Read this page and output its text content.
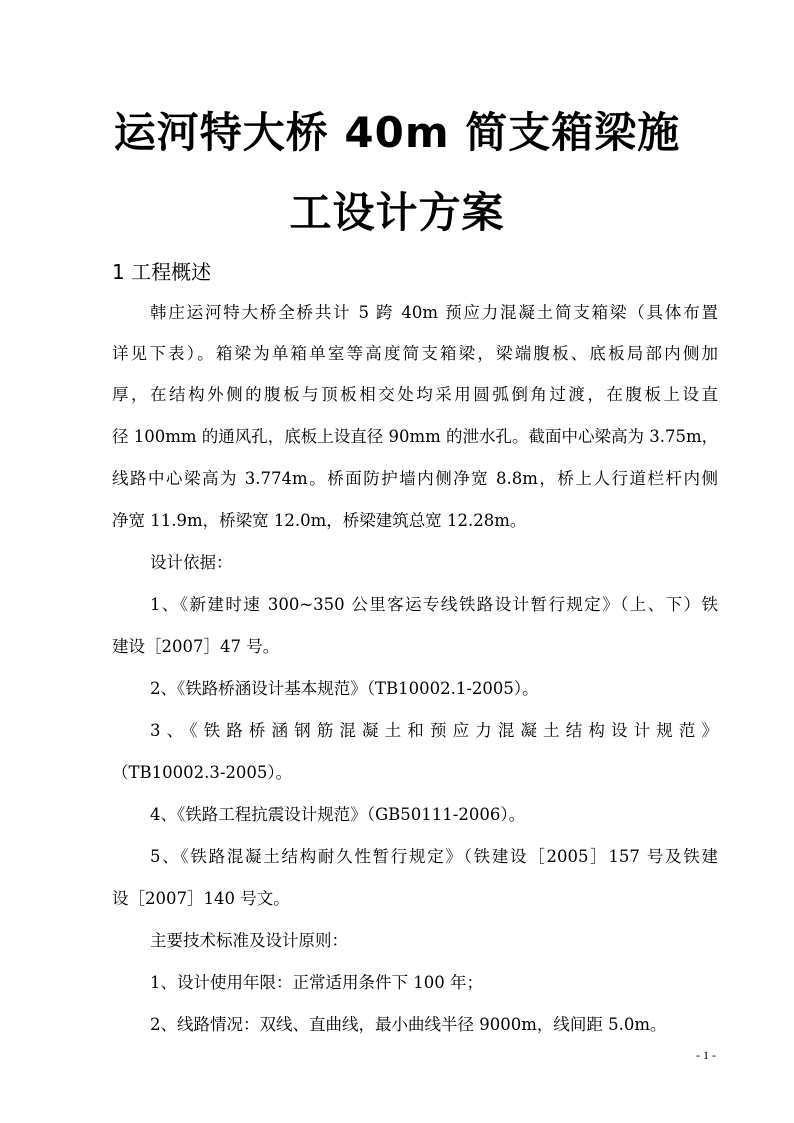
运河特大桥 40m 简支箱梁施
工设计方案
1 工程概述
韩庄运河特大桥全桥共计 5 跨 40m 预应力混凝土简支箱梁（具体布置
详见下表）。箱梁为单箱单室等高度简支箱梁，梁端腹板、底板局部内侧加
厚，在结构外侧的腹板与顶板相交处均采用圆弧倒角过渡，在腹板上设直
径 100mm 的通风孔，底板上设直径 90mm 的泄水孔。截面中心梁高为 3.75m，
线路中心梁高为 3.774m。桥面防护墙内侧净宽 8.8m，桥上人行道栏杆内侧
净宽 11.9m，桥梁宽 12.0m，桥梁建筑总宽 12.28m。
设计依据：
1、《新建时速 300~350 公里客运专线铁路设计暂行规定》（上、下）铁
建设［2007］47 号。
2、《铁路桥涵设计基本规范》（TB10002.1-2005）。
3、《铁路桥涵钢筋混凝土和预应力混凝土结构设计规范》
（TB10002.3-2005）。
4、《铁路工程抗震设计规范》（GB50111-2006）。
5、《铁路混凝土结构耐久性暂行规定》（铁建设［2005］157 号及铁建
设［2007］140 号文。
主要技术标准及设计原则：
1、设计使用年限：正常适用条件下 100 年；
2、线路情况：双线、直曲线，最小曲线半径 9000m，线间距 5.0m。
- 1 -
